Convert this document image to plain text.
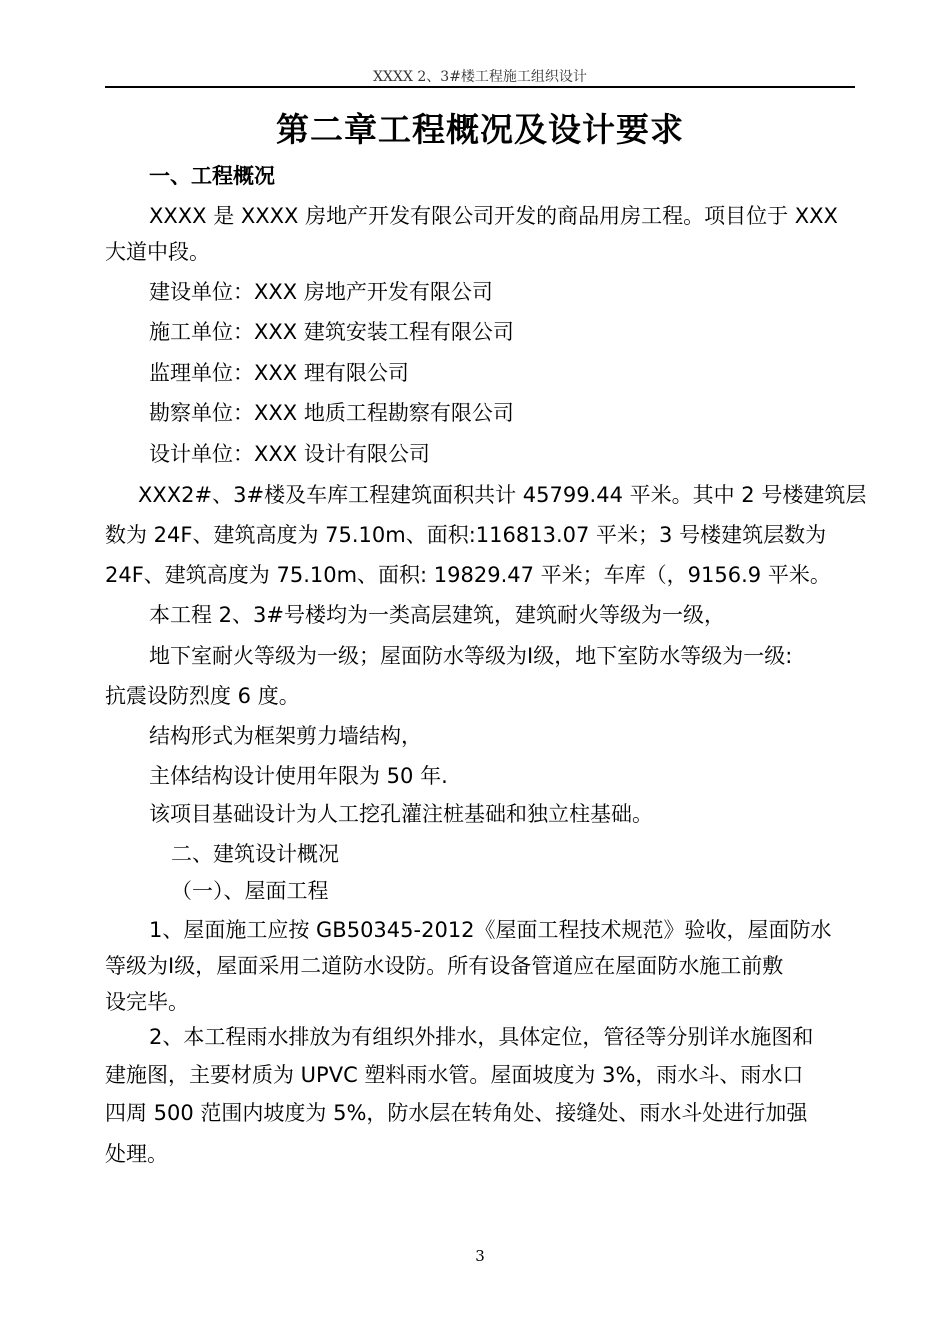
XXXX 2、3#楼工程施工组织设计
第二章工程概况及设计要求
一、工程概况
XXXX 是 XXXX 房地产开发有限公司开发的商品用房工程。项目位于 XXX
大道中段。
建设单位：XXX 房地产开发有限公司
施工单位：XXX 建筑安装工程有限公司
监理单位：XXX 理有限公司
勘察单位：XXX 地质工程勘察有限公司
设计单位：XXX 设计有限公司
XXX2#、3#楼及车库工程建筑面积共计 45799.44 平米。其中 2 号楼建筑层
数为 24F、建筑高度为 75.10m、面积:116813.07 平米；3 号楼建筑层数为
24F、建筑高度为 75.10m、面积: 19829.47 平米；车库（，9156.9 平米。
本工程 2、3#号楼均为一类高层建筑，建筑耐火等级为一级，
地下室耐火等级为一级；屋面防水等级为Ⅰ级，地下室防水等级为一级:
抗震设防烈度 6 度。
结构形式为框架剪力墙结构，
主体结构设计使用年限为 50 年.
该项目基础设计为人工挖孔灌注桩基础和独立柱基础。
二、建筑设计概况
（一）、屋面工程
1、屋面施工应按 GB50345-2012《屋面工程技术规范》验收，屋面防水
等级为Ⅰ级，屋面采用二道防水设防。所有设备管道应在屋面防水施工前敷
设完毕。
2、本工程雨水排放为有组织外排水，具体定位，管径等分别详水施图和
建施图，主要材质为 UPVC 塑料雨水管。屋面坡度为 3%，雨水斗、雨水口
四周 500 范围内坡度为 5%，防水层在转角处、接缝处、雨水斗处进行加强
处理。
3
